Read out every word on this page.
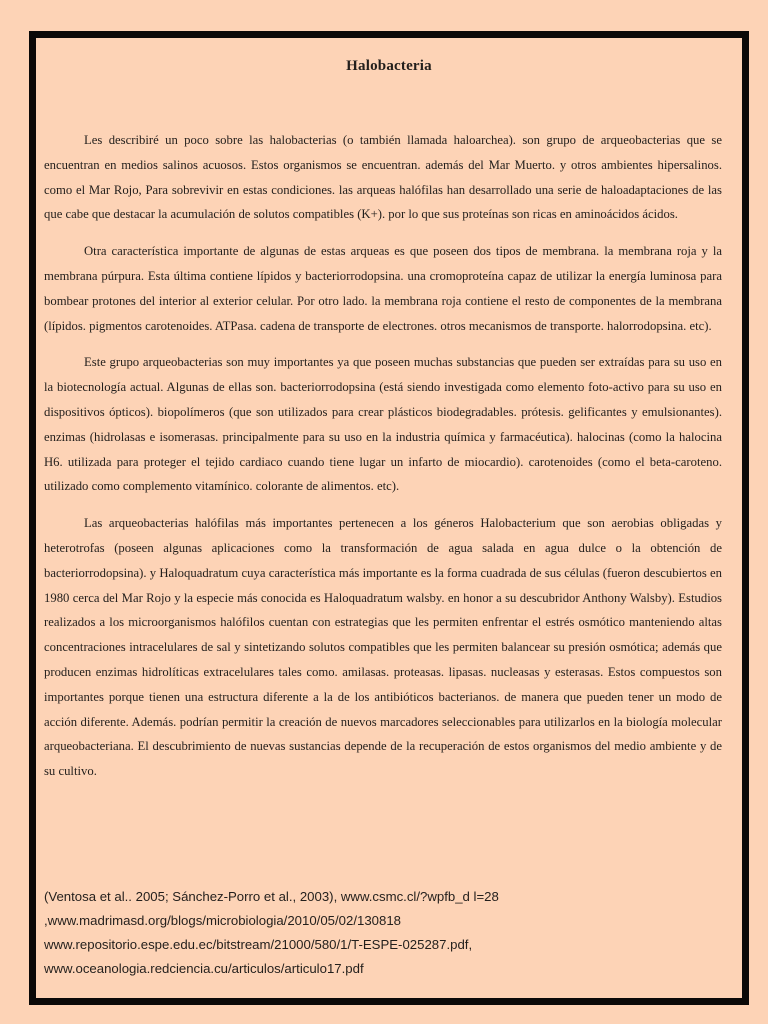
Halobacteria

Les describiré un poco sobre las halobacterias (o también llamada haloarchea). son grupo de arqueobacterias que se encuentran en medios salinos acuosos. Estos organismos se encuentran. además del Mar Muerto. y otros ambientes hipersalinos. como el Mar Rojo, Para sobrevivir en estas condiciones. las arqueas halófilas han desarrollado una serie de haloadaptaciones de las que cabe que destacar la acumulación de solutos compatibles (K+). por lo que sus proteínas son ricas en aminoácidos ácidos.

Otra característica importante de algunas de estas arqueas es que poseen dos tipos de membrana. la membrana roja y la membrana púrpura. Esta última contiene lípidos y bacteriorrodopsina. una cromoproteína capaz de utilizar la energía luminosa para bombear protones del interior al exterior celular. Por otro lado. la membrana roja contiene el resto de componentes de la membrana (lípidos. pigmentos carotenoides. ATPasa. cadena de transporte de electrones. otros mecanismos de transporte. halorrodopsina. etc).

Este grupo arqueobacterias son muy importantes ya que poseen muchas substancias que pueden ser extraídas para su uso en la biotecnología actual. Algunas de ellas son. bacteriorrodopsina (está siendo investigada como elemento foto-activo para su uso en dispositivos ópticos). biopolímeros (que son utilizados para crear plásticos biodegradables. prótesis. gelificantes y emulsionantes). enzimas (hidrolasas e isomerasas. principalmente para su uso en la industria química y farmacéutica). halocinas (como la halocina H6. utilizada para proteger el tejido cardiaco cuando tiene lugar un infarto de miocardio). carotenoides (como el beta-caroteno. utilizado como complemento vitamínico. colorante de alimentos. etc).

Las arqueobacterias halófilas más importantes pertenecen a los géneros Halobacterium que son aerobias obligadas y heterotrofas (poseen algunas aplicaciones como la transformación de agua salada en agua dulce o la obtención de bacteriorrodopsina). y Haloquadratum cuya característica más importante es la forma cuadrada de sus células (fueron descubiertos en 1980 cerca del Mar Rojo y la especie más conocida es Haloquadratum walsby. en honor a su descubridor Anthony Walsby). Estudios realizados a los microorganismos halófilos cuentan con estrategias que les permiten enfrentar el estrés osmótico manteniendo altas concentraciones intracelulares de sal y sintetizando solutos compatibles que les permiten balancear su presión osmótica; además que producen enzimas hidrolíticas extracelulares tales como. amilasas. proteasas. lipasas. nucleasas y esterasas. Estos compuestos son importantes porque tienen una estructura diferente a la de los antibióticos bacterianos. de manera que pueden tener un modo de acción diferente. Además. podrían permitir la creación de nuevos marcadores seleccionables para utilizarlos en la biología molecular arqueobacteriana. El descubrimiento de nuevas sustancias depende de la recuperación de estos organismos del medio ambiente y de su cultivo.

(Ventosa et al.. 2005; Sánchez-Porro et al., 2003), www.csmc.cl/?wpfb_d l=28
,www.madrimasd.org/blogs/microbiologia/2010/05/02/130818
www.repositorio.espe.edu.ec/bitstream/21000/580/1/T-ESPE-025287.pdf,
www.oceanologia.redciencia.cu/articulos/articulo17.pdf
